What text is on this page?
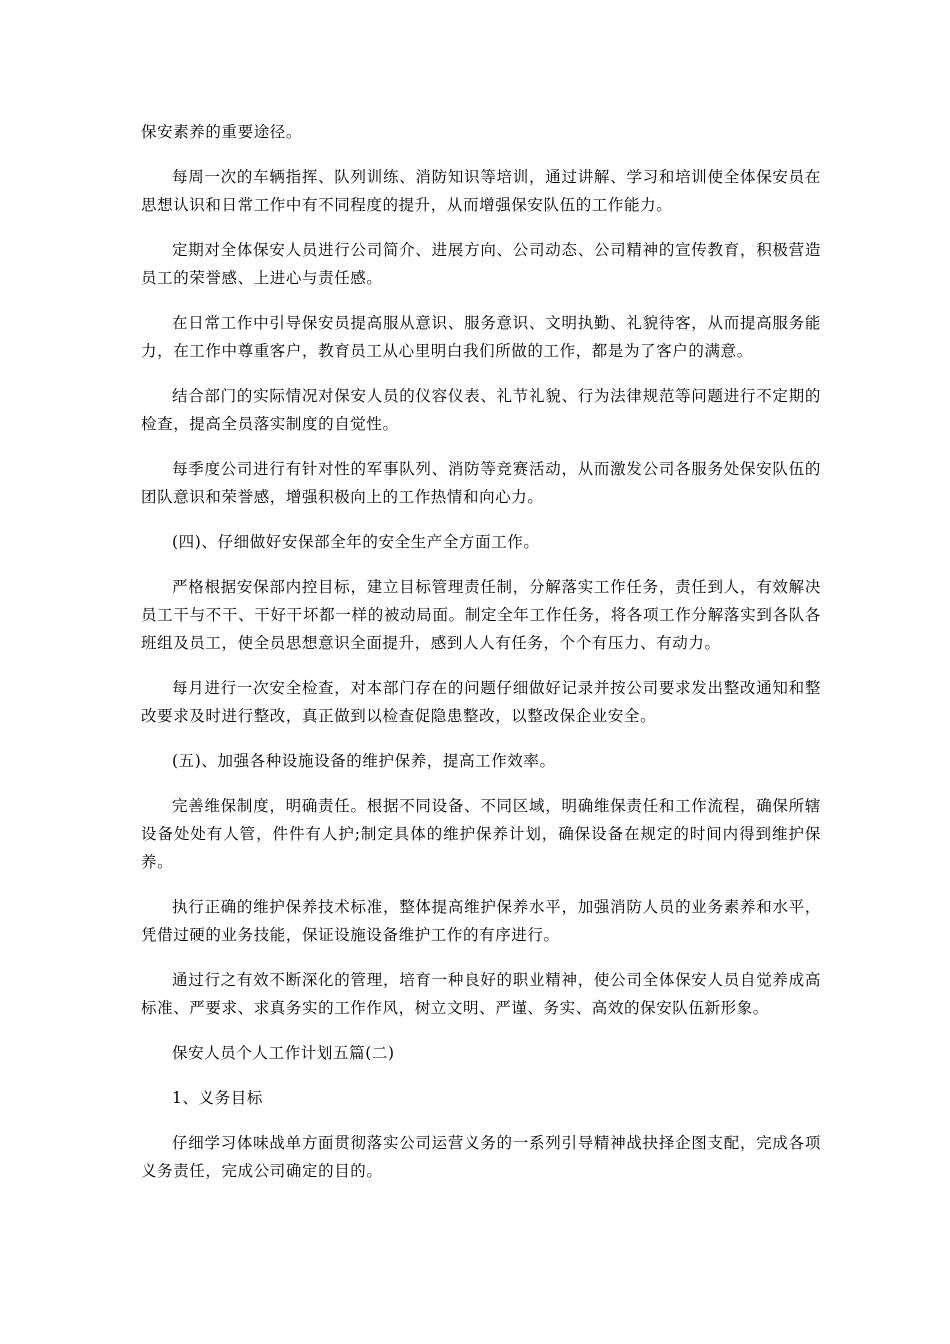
保安素养的重要途径。

每周一次的车辆指挥、队列训练、消防知识等培训，通过讲解、学习和培训使全体保安员在思想认识和日常工作中有不同程度的提升，从而增强保安队伍的工作能力。

定期对全体保安人员进行公司简介、进展方向、公司动态、公司精神的宣传教育，积极营造员工的荣誉感、上进心与责任感。

在日常工作中引导保安员提高服从意识、服务意识、文明执勤、礼貌待客，从而提高服务能力，在工作中尊重客户，教育员工从心里明白我们所做的工作，都是为了客户的满意。

结合部门的实际情况对保安人员的仪容仪表、礼节礼貌、行为法律规范等问题进行不定期的检查，提高全员落实制度的自觉性。

每季度公司进行有针对性的军事队列、消防等竞赛活动，从而激发公司各服务处保安队伍的团队意识和荣誉感，增强积极向上的工作热情和向心力。

(四)、仔细做好安保部全年的安全生产全方面工作。

严格根据安保部内控目标，建立目标管理责任制，分解落实工作任务，责任到人，有效解决员工干与不干、干好干坏都一样的被动局面。制定全年工作任务，将各项工作分解落实到各队各班组及员工，使全员思想意识全面提升，感到人人有任务，个个有压力、有动力。

每月进行一次安全检查，对本部门存在的问题仔细做好记录并按公司要求发出整改通知和整改要求及时进行整改，真正做到以检查促隐患整改，以整改保企业安全。

(五)、加强各种设施设备的维护保养，提高工作效率。

完善维保制度，明确责任。根据不同设备、不同区域，明确维保责任和工作流程，确保所辖设备处处有人管，件件有人护;制定具体的维护保养计划，确保设备在规定的时间内得到维护保养。

执行正确的维护保养技术标准，整体提高维护保养水平，加强消防人员的业务素养和水平，凭借过硬的业务技能，保证设施设备维护工作的有序进行。

通过行之有效不断深化的管理，培育一种良好的职业精神，使公司全体保安人员自觉养成高标准、严要求、求真务实的工作作风，树立文明、严谨、务实、高效的保安队伍新形象。

保安人员个人工作计划五篇(二)

1、义务目标

仔细学习体味战单方面贯彻落实公司运营义务的一系列引导精神战抉择企图支配，完成各项义务责任，完成公司确定的目的。
